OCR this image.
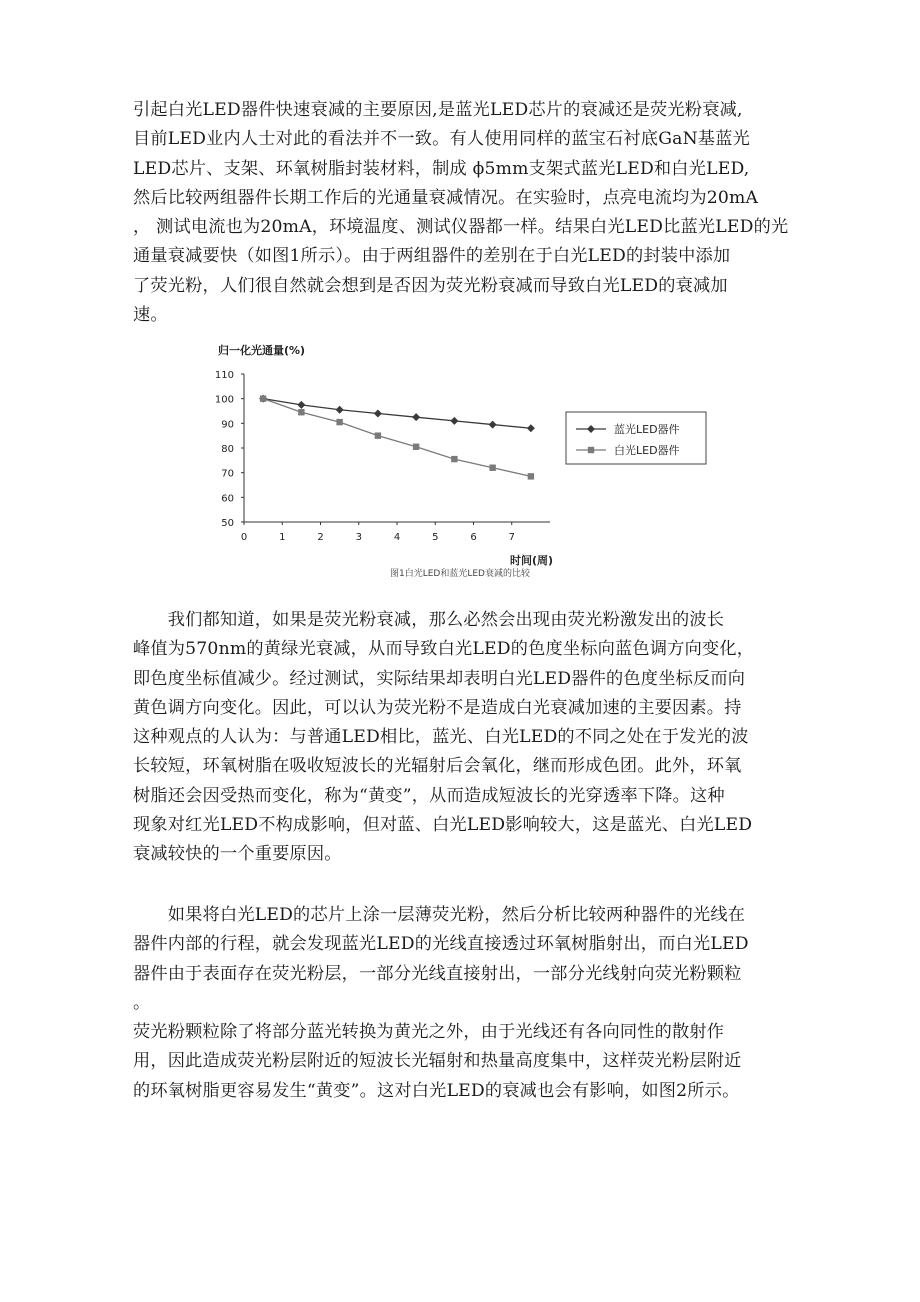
引起白光LED器件快速衰减的主要原因,是蓝光LED芯片的衰减还是荧光粉衰减,
目前LED业内人士对此的看法并不一致。有人使用同样的蓝宝石衬底GaN基蓝光
LED芯片、支架、环氧树脂封装材料，制成 ϕ5mm支架式蓝光LED和白光LED,
然后比较两组器件长期工作后的光通量衰减情况。在实验时，点亮电流均为20mA
， 测试电流也为20mA，环境温度、测试仪器都一样。结果白光LED比蓝光LED的光
通量衰减要快（如图1所示）。由于两组器件的差别在于白光LED的封装中添加
了荧光粉，人们很自然就会想到是否因为荧光粉衰减而导致白光LED的衰减加
速。

归一化光通量(%)
时间(周)
50
60
70
80
90
100
110
0	1	2	3	4	5	6	7
蓝光LED器件
白光LED器件
图1白光LED和蓝光LED衰减的比较

　　我们都知道，如果是荧光粉衰减，那么必然会出现由荧光粉激发出的波长
峰值为570nm的黄绿光衰减，从而导致白光LED的色度坐标向蓝色调方向变化，
即色度坐标值减少。经过测试，实际结果却表明白光LED器件的色度坐标反而向
黄色调方向变化。因此，可以认为荧光粉不是造成白光衰减加速的主要因素。持
这种观点的人认为：与普通LED相比，蓝光、白光LED的不同之处在于发光的波
长较短，环氧树脂在吸收短波长的光辐射后会氧化，继而形成色团。此外，环氧
树脂还会因受热而变化，称为“黄变”，从而造成短波长的光穿透率下降。这种
现象对红光LED不构成影响，但对蓝、白光LED影响较大，这是蓝光、白光LED
衰减较快的一个重要原因。

　　如果将白光LED的芯片上涂一层薄荧光粉，然后分析比较两种器件的光线在
器件内部的行程，就会发现蓝光LED的光线直接透过环氧树脂射出，而白光LED
器件由于表面存在荧光粉层，一部分光线直接射出，一部分光线射向荧光粉颗粒
。
荧光粉颗粒除了将部分蓝光转换为黄光之外，由于光线还有各向同性的散射作
用，因此造成荧光粉层附近的短波长光辐射和热量高度集中，这样荧光粉层附近
的环氧树脂更容易发生“黄变”。这对白光LED的衰减也会有影响，如图2所示。
